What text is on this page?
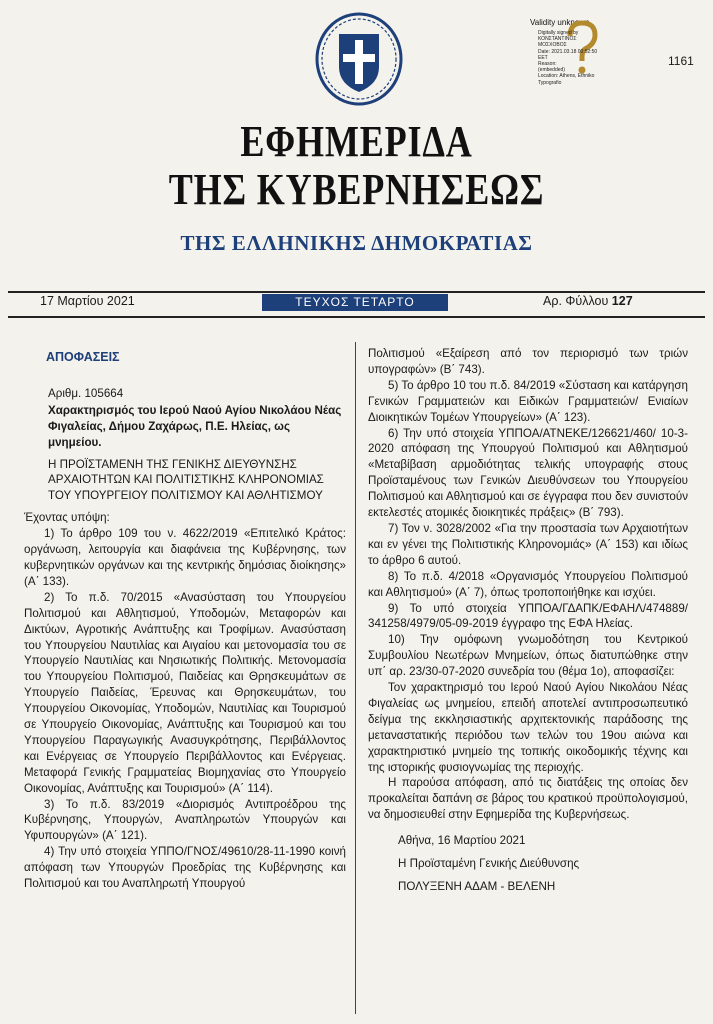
1161
Validity unknown
Digitally signed by
ΚΟΝΣΤΑΝΤΙΝΟΣ
ΜΟΣΧΟΒΟΣ
Date: 2021.03.18 00:52:50
EET
Reason:
(embedded)
Location: Athens, Ethnikο
Typografio
ΕΦΗΜΕΡΙΔΑ
ΤΗΣ ΚΥΒΕΡΝΗΣΕΩΣ
ΤΗΣ ΕΛΛΗΝΙΚΗΣ ΔΗΜΟΚΡΑΤΙΑΣ
17 Μαρτίου 2021	ΤΕΥΧΟΣ ΤΕΤΑΡΤΟ	Αρ. Φύλλου 127
ΑΠΟΦΑΣΕΙΣ
Αριθμ. 105664
Χαρακτηρισμός του Ιερού Ναού Αγίου Νικολάου Νέας Φιγαλείας, Δήμου Ζαχάρως, Π.Ε. Ηλείας, ως μνημείου.
Η ΠΡΟΪΣΤΑΜΕΝΗ ΤΗΣ ΓΕΝΙΚΗΣ ΔΙΕΥΘΥΝΣΗΣ ΑΡΧΑΙΟΤΗΤΩΝ ΚΑΙ ΠΟΛΙΤΙΣΤΙΚΗΣ ΚΛΗΡΟΝΟΜΙΑΣ ΤΟΥ ΥΠΟΥΡΓΕΙΟΥ ΠΟΛΙΤΙΣΜΟΥ ΚΑΙ ΑΘΛΗΤΙΣΜΟΥ

Έχοντας υπόψη:

1) Το άρθρο 109 του ν. 4622/2019 «Επιτελικό Κράτος: οργάνωση, λειτουργία και διαφάνεια της Κυβέρνησης, των κυβερνητικών οργάνων και της κεντρικής δημόσιας διοίκησης» (Α΄ 133).

2) Το π.δ. 70/2015 «Ανασύσταση του Υπουργείου Πολιτισμού και Αθλητισμού, Υποδομών, Μεταφορών και Δικτύων, Αγροτικής Ανάπτυξης και Τροφίμων. Ανασύσταση του Υπουργείου Ναυτιλίας και Αιγαίου και μετονομασία του σε Υπουργείο Ναυτιλίας και Νησιωτικής Πολιτικής. Μετονομασία του Υπουργείου Πολιτισμού, Παιδείας και Θρησκευμάτων σε Υπουργείο Παιδείας, Έρευνας και Θρησκευμάτων, του Υπουργείου Οικονομίας, Υποδομών, Ναυτιλίας και Τουρισμού σε Υπουργείο Οικονομίας, Ανάπτυξης και Τουρισμού και του Υπουργείου Παραγωγικής Ανασυγκρότησης, Περιβάλλοντος και Ενέργειας σε Υπουργείο Περιβάλλοντος και Ενέργειας. Μεταφορά Γενικής Γραμματείας Βιομηχανίας στο Υπουργείο Οικονομίας, Ανάπτυξης και Τουρισμού» (Α΄ 114).

3) Το π.δ. 83/2019 «Διορισμός Αντιπροέδρου της Κυβέρνησης, Υπουργών, Αναπληρωτών Υπουργών και Υφυπουργών» (Α΄ 121).

4) Την υπό στοιχεία ΥΠΠΟ/ΓΝΟΣ/49610/28-11-1990 κοινή απόφαση των Υπουργών Προεδρίας της Κυβέρνησης και Πολιτισμού και του Αναπληρωτή Υπουργού

Πολιτισμού «Εξαίρεση από τον περιορισμό των τριών υπογραφών» (Β΄ 743).

5) Το άρθρο 10 του π.δ. 84/2019 «Σύσταση και κατάργηση Γενικών Γραμματειών και Ειδικών Γραμματειών/ Ενιαίων Διοικητικών Τομέων Υπουργείων» (Α΄ 123).

6) Την υπό στοιχεία ΥΠΠΟΑ/ΑΤΝΕΚΕ/126621/460/ 10-3-2020 απόφαση της Υπουργού Πολιτισμού και Αθλητισμού «Μεταβίβαση αρμοδιότητας τελικής υπογραφής στους Προϊσταμένους των Γενικών Διευθύνσεων του Υπουργείου Πολιτισμού και Αθλητισμού και σε έγγραφα που δεν συνιστούν εκτελεστές ατομικές διοικητικές πράξεις» (Β΄ 793).

7) Τον ν. 3028/2002 «Για την προστασία των Αρχαιοτήτων και εν γένει της Πολιτιστικής Κληρονομιάς» (Α΄ 153) και ιδίως το άρθρο 6 αυτού.

8) Το π.δ. 4/2018 «Οργανισμός Υπουργείου Πολιτισμού και Αθλητισμού» (Α΄ 7), όπως τροποποιήθηκε και ισχύει.

9) Το υπό στοιχεία ΥΠΠΟΑ/ΓΔΑΠΚ/ΕΦΑΗΛ/474889/ 341258/4979/05-09-2019 έγγραφο της ΕΦΑ Ηλείας.

10) Την ομόφωνη γνωμοδότηση του Κεντρικού Συμβουλίου Νεωτέρων Μνημείων, όπως διατυπώθηκε στην υπ΄ αρ. 23/30-07-2020 συνεδρία του (θέμα 1ο), αποφασίζει:

Τον χαρακτηρισμό του Ιερού Ναού Αγίου Νικολάου Νέας Φιγαλείας ως μνημείου, επειδή αποτελεί αντιπροσωπευτικό δείγμα της εκκλησιαστικής αρχιτεκτονικής παράδοσης της μεταναστατικής περιόδου των τελών του 19ου αιώνα και χαρακτηριστικό μνημείο της τοπικής οικοδομικής τέχνης και της ιστορικής φυσιογνωμίας της περιοχής.

Η παρούσα απόφαση, από τις διατάξεις της οποίας δεν προκαλείται δαπάνη σε βάρος του κρατικού προϋπολογισμού, να δημοσιευθεί στην Εφημερίδα της Κυβερνήσεως.

Αθήνα, 16 Μαρτίου 2021
Η Προϊσταμένη Γενικής Διεύθυνσης
ΠΟΛΥΞΕΝΗ ΑΔΑΜ - ΒΕΛΕΝΗ
